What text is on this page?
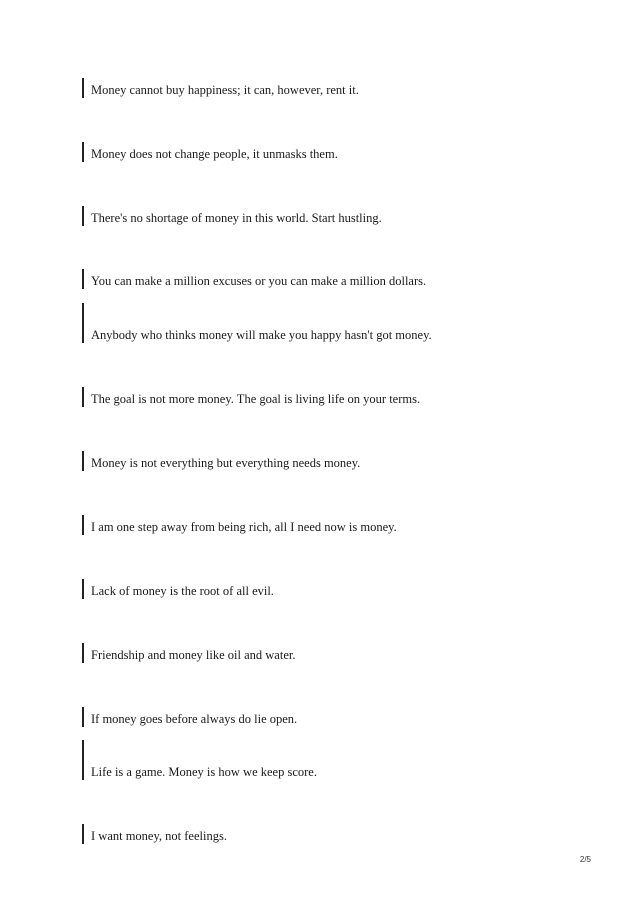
Money cannot buy happiness; it can, however, rent it.
Money does not change people, it unmasks them.
There's no shortage of money in this world. Start hustling.
You can make a million excuses or you can make a million dollars.
Anybody who thinks money will make you happy hasn't got money.
The goal is not more money. The goal is living life on your terms.
Money is not everything but everything needs money.
I am one step away from being rich, all I need now is money.
Lack of money is the root of all evil.
Friendship and money like oil and water.
If money goes before always do lie open.
Life is a game. Money is how we keep score.
I want money, not feelings.
2/5
